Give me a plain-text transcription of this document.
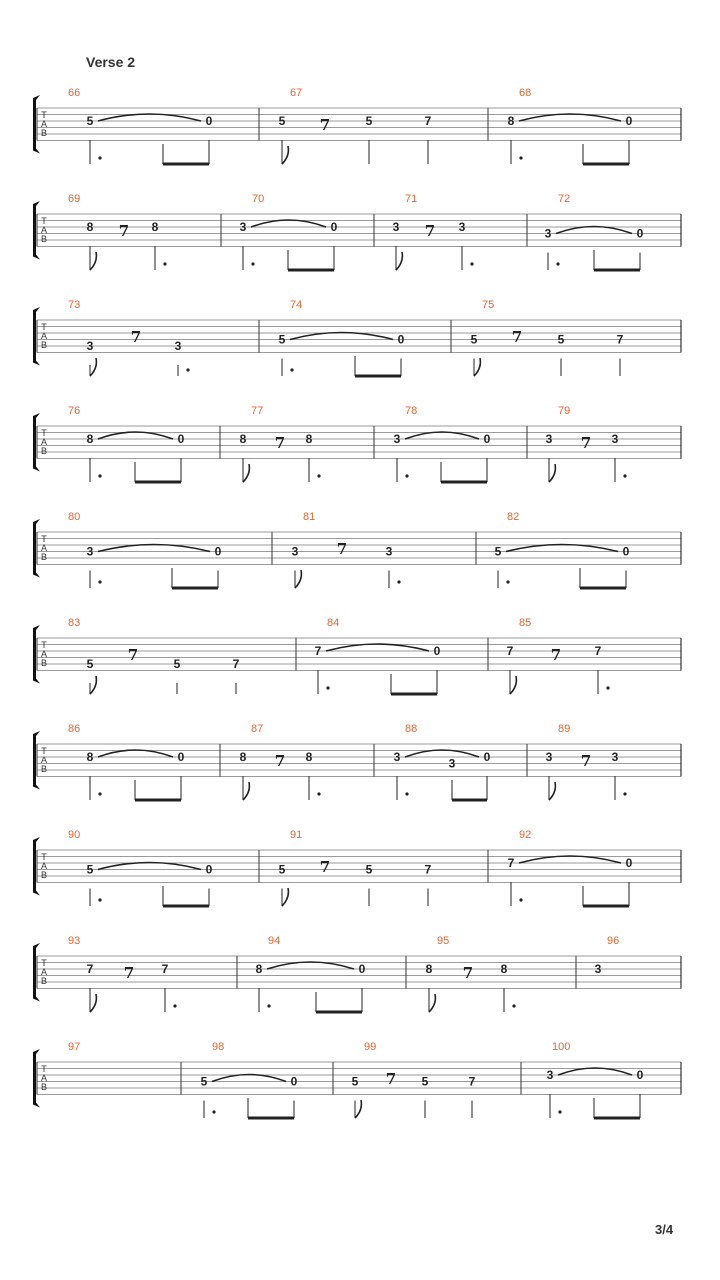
Verse 2
T
A
B
66
5	0
67
5 7	5	7
68
8	0
T
A
B
69
8 7 8
70
3	0
71
3 7 3
72
3	0
T
A
B
73
3 7	3
74
5	0
75
5 7	5	7
T
A
B
76
8	0
77
8 7 8
78
3	0
79
3 7 3
T
A
B
80
3	0
81
3	7	3
82
5	0
T
A
B
83
5 7	5	7
84
7	0
85
7 7	7
T
A
B
86
8	0
87
8 7 8
88
3	3 0
89
3 7 3
T
A
B
90
5	0
91
5 7	5	7
92
7	0
T
A
B
93
7 7 7
94
8	0
95
8 7 8
96
3
T
A
B
97	98
5	0
99
5 7 5	7
100
3	0
3/4
